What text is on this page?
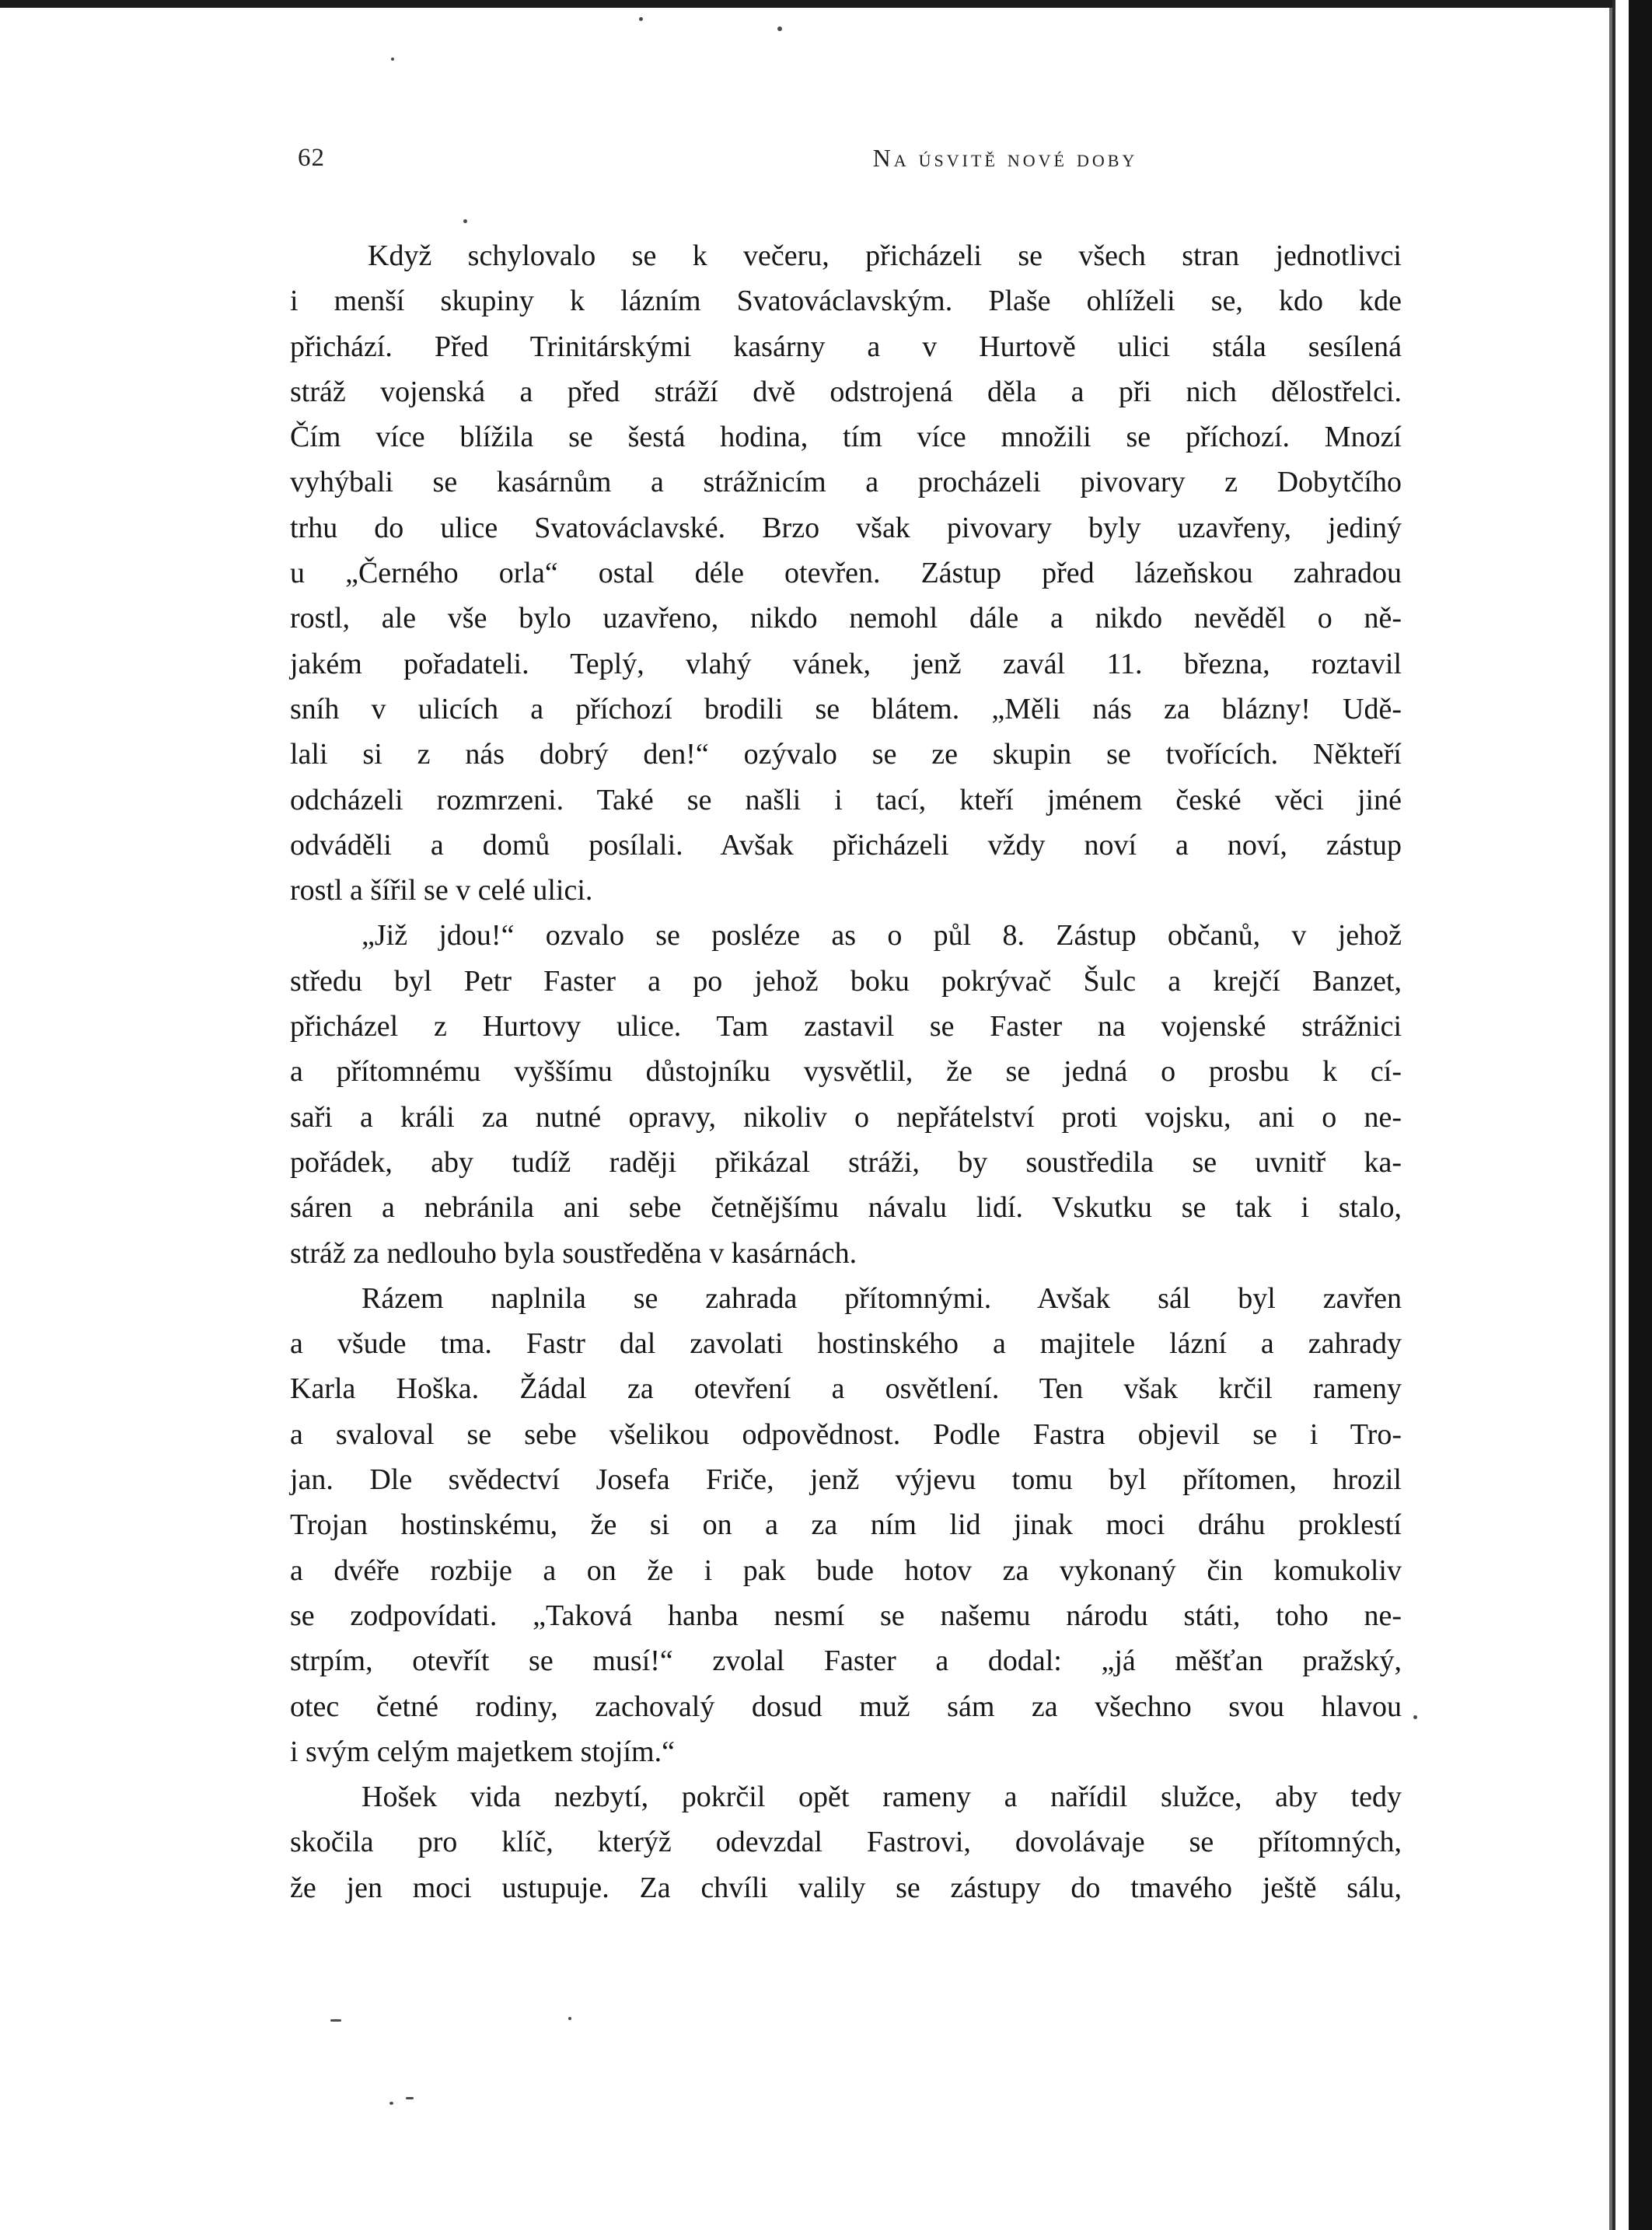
62	Na úsvitě nové doby
Když schylovalo se k večeru, přicházeli se všech stran jednotlivci
i menší skupiny k lázním Svatováclavským. Plaše ohlíželi se, kdo kde
přichází. Před Trinitárskými kasárny a v Hurtově ulici stála sesílená
stráž vojenská a před stráží dvě odstrojená děla a při nich dělostřelci.
Čím více blížila se šestá hodina, tím více množili se příchozí. Mnozí
vyhýbali se kasárnům a strážnicím a procházeli pivovary z Dobytčího
trhu do ulice Svatováclavské. Brzo však pivovary byly uzavřeny, jediný
u „Černého orla“ ostal déle otevřen. Zástup před lázeňskou zahradou
rostl, ale vše bylo uzavřeno, nikdo nemohl dále a nikdo nevěděl o ně-
jakém pořadateli. Teplý, vlahý vánek, jenž zavál 11. března, roztavil
sníh v ulicích a příchozí brodili se blátem. „Měli nás za blázny! Udě-
lali si z nás dobrý den!“ ozývalo se ze skupin se tvořících. Někteří
odcházeli rozmrzeni. Také se našli i tací, kteří jménem české věci jiné
odváděli a domů posílali. Avšak přicházeli vždy noví a noví, zástup
rostl a šířil se v celé ulici.
„Již jdou!“ ozvalo se posléze as o půl 8. Zástup občanů, v jehož
středu byl Petr Faster a po jehož boku pokrývač Šulc a krejčí Banzet,
přicházel z Hurtovy ulice. Tam zastavil se Faster na vojenské strážnici
a přítomnému vyššímu důstojníku vysvětlil, že se jedná o prosbu k cí-
saři a králi za nutné opravy, nikoliv o nepřátelství proti vojsku, ani o ne-
pořádek, aby tudíž raději přikázal stráži, by soustředila se uvnitř ka-
sáren a nebránila ani sebe četnějšímu návalu lidí. Vskutku se tak i stalo,
stráž za nedlouho byla soustředěna v kasárnách.
Rázem naplnila se zahrada přítomnými. Avšak sál byl zavřen
a všude tma. Fastr dal zavolati hostinského a majitele lázní a zahrady
Karla Hoška. Žádal za otevření a osvětlení. Ten však krčil rameny
a svaloval se sebe všelikou odpovědnost. Podle Fastra objevil se i Tro-
jan. Dle svědectví Josefa Friče, jenž výjevu tomu byl přítomen, hrozil
Trojan hostinskému, že si on a za ním lid jinak moci dráhu proklestí
a dvéře rozbije a on že i pak bude hotov za vykonaný čin komukoliv
se zodpovídati. „Taková hanba nesmí se našemu národu státi, toho ne-
strpím, otevřít se musí!“ zvolal Faster a dodal: „já měšťan pražský,
otec četné rodiny, zachovalý dosud muž sám za všechno svou hlavou
i svým celým majetkem stojím.“
Hošek vida nezbytí, pokrčil opět rameny a nařídil služce, aby tedy
skočila pro klíč, kterýž odevzdal Fastrovi, dovolávaje se přítomných,
že jen moci ustupuje. Za chvíli valily se zástupy do tmavého ještě sálu,
